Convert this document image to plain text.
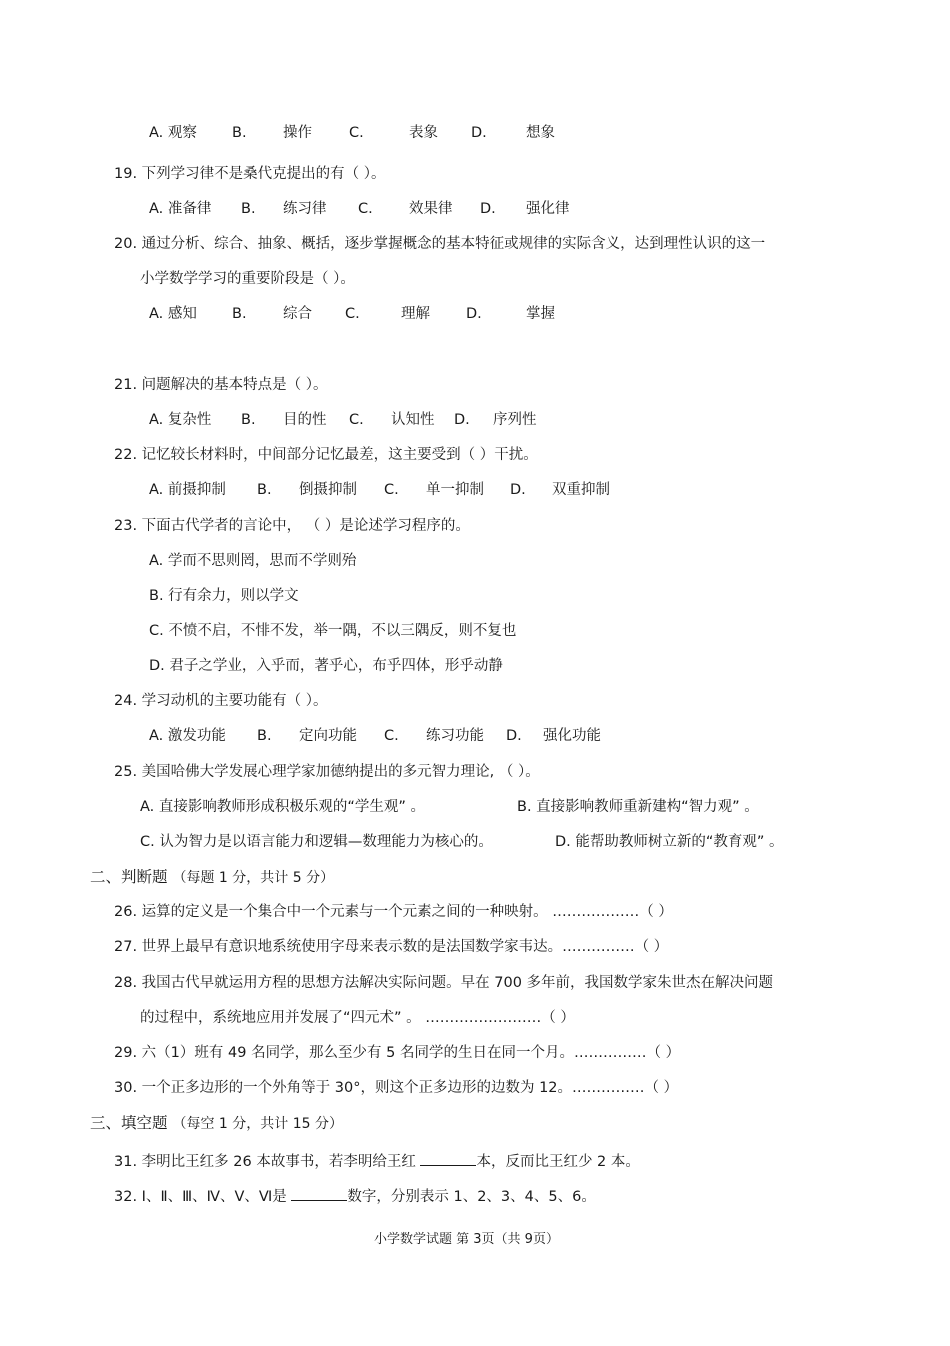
A. 观察 B.	操作	C.	表象 D.	想象
19. 下列学习律不是桑代克提出的有（ ）。
A. 准备律 B. 练习律 C.	效果律 D. 强化律
20. 通过分析、综合、抽象、概括，逐步掌握概念的基本特征或规律的实际含义，达到理性认识的这一
小学数学学习的重要阶段是（ ）。
A. 感知 B.	综合 C.	理解 D.	掌握
21. 问题解决的基本特点是（ ）。
A. 复杂性 B. 目的性 C. 认知性 D. 序列性
22. 记忆较长材料时，中间部分记忆最差，这主要受到（ ）干扰。
A. 前摄抑制 B. 倒摄抑制 C. 单一抑制 D. 双重抑制
23. 下面古代学者的言论中， （ ）是论述学习程序的。
A. 学而不思则罔，思而不学则殆
B. 行有余力，则以学文
C. 不愤不启，不悱不发，举一隅，不以三隅反，则不复也
D. 君子之学业，入乎而，著乎心，布乎四体，形乎动静
24. 学习动机的主要功能有（ ）。
A. 激发功能 B. 定向功能 C. 练习功能 D. 强化功能
25. 美国哈佛大学发展心理学家加德纳提出的多元智力理论, （ ）。
A. 直接影响教师形成积极乐观的“学生观” 。	B. 直接影响教师重新建构“智力观” 。
C. 认为智力是以语言能力和逻辑—数理能力为核心的。	D. 能帮助教师树立新的“教育观” 。
二、判断题 （每题 1 分，共计 5 分）
26. 运算的定义是一个集合中一个元素与一个元素之间的一种映射。 ………………（ ）
27. 世界上最早有意识地系统使用字母来表示数的是法国数学家韦达。……………（ ）
28. 我国古代早就运用方程的思想方法解决实际问题。早在 700 多年前，我国数学家朱世杰在解决问题
的过程中，系统地应用并发展了“四元术” 。 ……………………（ ）
29. 六（1）班有 49 名同学，那么至少有 5 名同学的生日在同一个月。……………（ ）
30. 一个正多边形的一个外角等于 30°，则这个正多边形的边数为 12。……………（ ）
三、填空题 （每空 1 分，共计 15 分）
31. 李明比王红多 26 本故事书，若李明给王红	本，反而比王红少 2 本。
32. Ⅰ、Ⅱ、Ⅲ、Ⅳ、Ⅴ、Ⅵ是	数字，分别表示 1、2、3、4、5、6。
小学数学试题 第 3页（共 9页）
